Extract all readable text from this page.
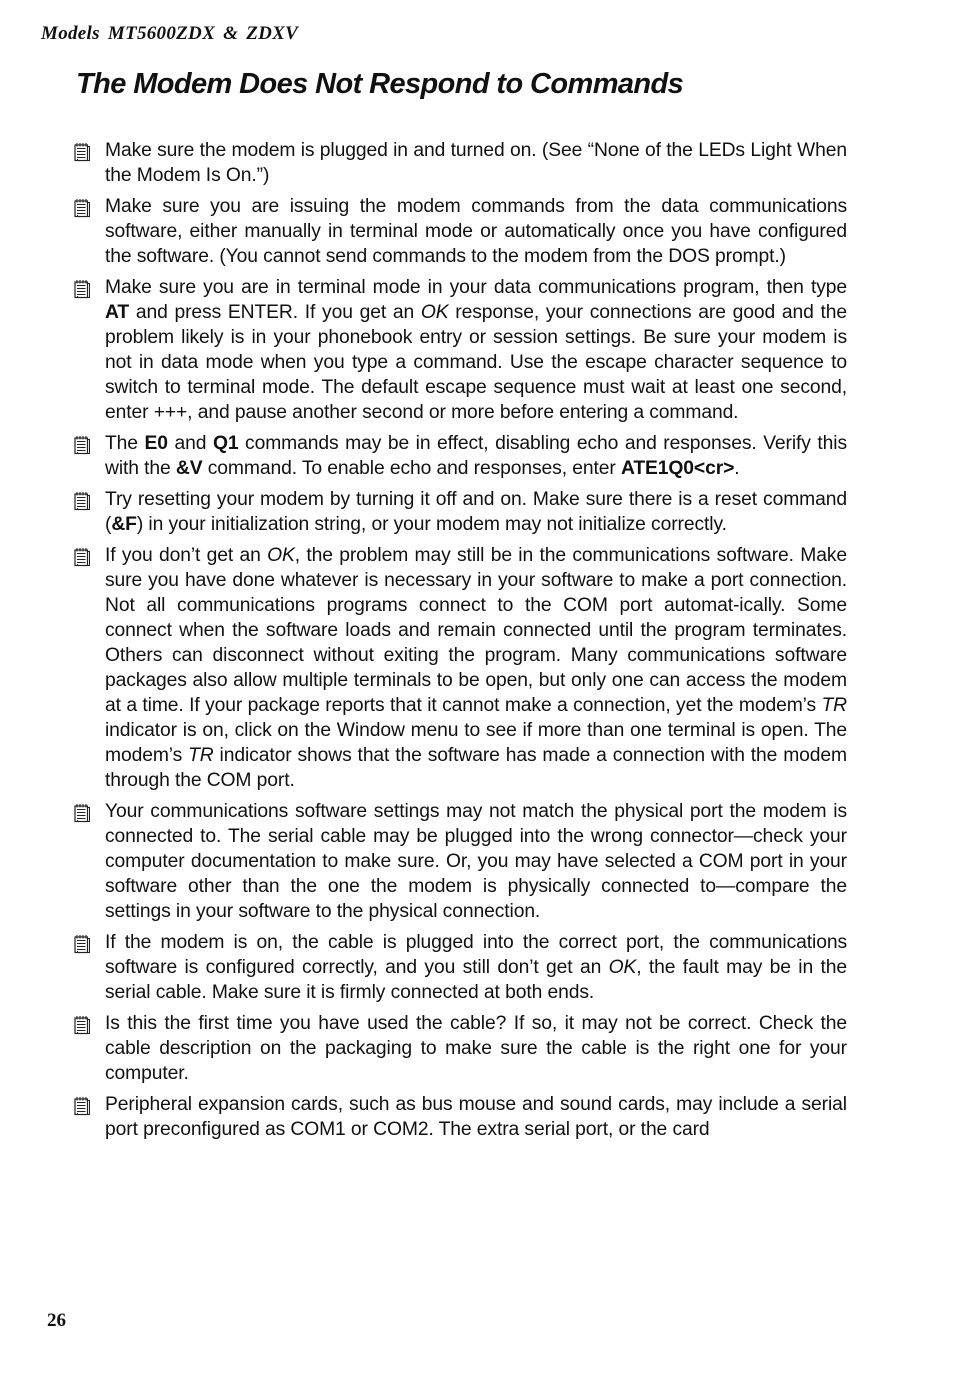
Models MT5600ZDX & ZDXV

The Modem Does Not Respond to Commands

Make sure the modem is plugged in and turned on. (See “None of the LEDs Light When the Modem Is On.”)

Make sure you are issuing the modem commands from the data communications software, either manually in terminal mode or automatically once you have configured the software. (You cannot send commands to the modem from the DOS prompt.)

Make sure you are in terminal mode in your data communications program, then type AT and press ENTER. If you get an OK response, your connections are good and the problem likely is in your phonebook entry or session settings. Be sure your modem is not in data mode when you type a command. Use the escape character sequence to switch to terminal mode. The default escape sequence must wait at least one second, enter +++, and pause another second or more before entering a command.

The E0 and Q1 commands may be in effect, disabling echo and responses. Verify this with the &V command. To enable echo and responses, enter ATE1Q0<cr>.

Try resetting your modem by turning it off and on. Make sure there is a reset command (&F) in your initialization string, or your modem may not initialize correctly.

If you don’t get an OK, the problem may still be in the communications software. Make sure you have done whatever is necessary in your software to make a port connection. Not all communications programs connect to the COM port automat-ically. Some connect when the software loads and remain connected until the program terminates. Others can disconnect without exiting the program. Many communications software packages also allow multiple terminals to be open, but only one can access the modem at a time. If your package reports that it cannot make a connection, yet the modem’s TR indicator is on, click on the Window menu to see if more than one terminal is open. The modem’s TR indicator shows that the software has made a connection with the modem through the COM port.

Your communications software settings may not match the physical port the modem is connected to. The serial cable may be plugged into the wrong connector—check your computer documentation to make sure. Or, you may have selected a COM port in your software other than the one the modem is physically connected to—compare the settings in your software to the physical connection.

If the modem is on, the cable is plugged into the correct port, the communications software is configured correctly, and you still don’t get an OK, the fault may be in the serial cable. Make sure it is firmly connected at both ends.

Is this the first time you have used the cable? If so, it may not be correct. Check the cable description on the packaging to make sure the cable is the right one for your computer.

Peripheral expansion cards, such as bus mouse and sound cards, may include a serial port preconfigured as COM1 or COM2. The extra serial port, or the card

26
